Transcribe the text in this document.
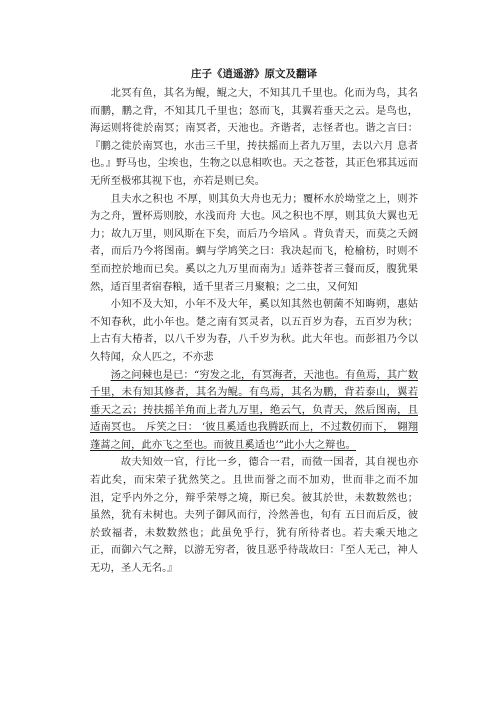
庄子《逍遥游》原文及翻译

北冥有鱼，其名为鲲，鲲之大，不知其几千里也。化而为鸟，其名而鹏，鹏之背，不知其几千里也；怒而飞，其翼若垂天之云。是鸟也，海运则将徙於南冥；南冥者，天池也。齐谐者，志怪者也。谐之言曰：『鹏之徙於南冥也，水击三千里，抟扶摇而上者九万里，去以六月 息者也。』野马也，尘埃也，生物之以息相吹也。天之苍苍，其正色邪其远而无所至极邪其视下也，亦若是则已矣。

且夫水之积也 不厚，则其负大舟也无力；覆杯水於坳堂之上，则芥为之舟，置杯焉则胶，水浅而舟 大也。风之积也不厚，则其负大翼也无力；故九万里，则风斯在下矣，而后乃今培风 。背负青天，而莫之夭阏者，而后乃今将图南。蜩与学鸠笑之曰：我决起而飞，枪榆枋，时则不至而控於地而已矣。奚以之九万里而南为』适莽苍者三餐而反，腹犹果然，适百里者宿春粮，适千里者三月聚粮；之二虫，又何知

小知不及大知，小年不及大年，奚以知其然也朝菌不知晦朔，惠姑不知春秋，此小年也。楚之南有冥灵者，以五百岁为春，五百岁为秋；上古有大椿者，以八千岁为春，八千岁为秋。此大年也。而彭祖乃今以久特闻，众人匹之，不亦悲

汤之问棘也是已：“穷发之北，有冥海者，天池也。有鱼焉，其广数千里，未有知其修者，其名为鲲。有鸟焉，其名为鹏，背若泰山，翼若垂天之云；抟扶摇羊角而上者九万里，绝云气，负青天，然后图南，且适南冥也。 斥笑之曰： ‘彼且奚适也我腾跃而上，不过数仞而下， 翱翔蓬蒿之间，此亦飞之至也。而彼且奚适也’”此小大之辩也。

故夫知效一官，行比一乡，德合一君，而徵一国者，其自视也亦若此矣，而宋荣子犹然笑之。且世而誉之而不加劝，世而非之而不加沮，定乎内外之分，辩乎荣辱之境，斯已矣。彼其於世，未数数然也；虽然，犹有未树也。夫列子御风而行，泠然善也，旬有 五日而后反，彼於致福者，未数数然也；此虽免乎行，犹有所待者也。若夫乘天地之正，而御六气之辩，以游无穷者，彼且恶乎待哉故曰：『至人无己，神人无功，圣人无名。』
